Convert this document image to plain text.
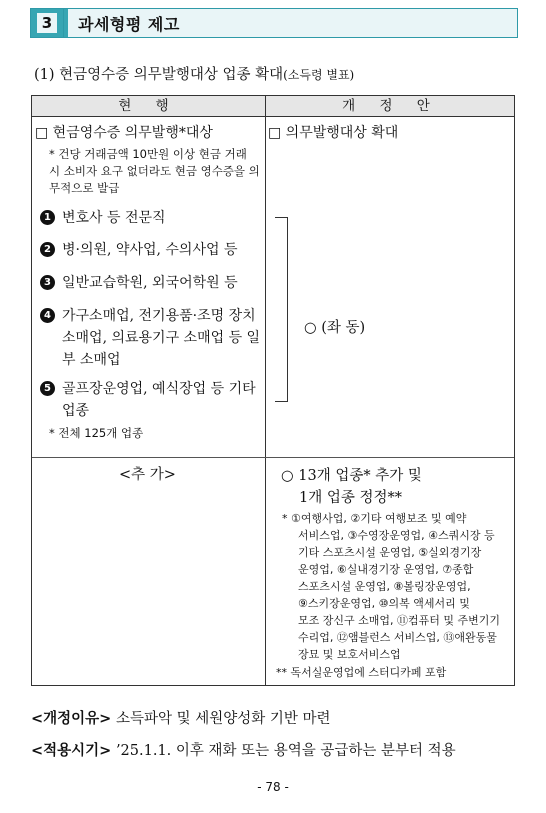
3	과세형평 제고
(1) 현금영수증 의무발행대상 업종 확대(소득령 별표)
현 행	개 정 안
□ 현금영수증 의무발행*대상
* 건당 거래금액 10만원 이상 현금 거래 시 소비자 요구 없더라도 현금 영수증을 의무적으로 발급
1 변호사 등 전문직
2 병·의원, 약사업, 수의사업 등
3 일반교습학원, 외국어학원 등
4 가구소매업, 전기용품·조명 장치 소매업, 의료용기구 소매업 등 일부 소매업
5 골프장운영업, 예식장업 등 기타 업종
* 전체 125개 업종
<추 가>
□ 의무발행대상 확대
○ (좌 동)
○ 13개 업종* 추가 및
1개 업종 정정**
* ①여행사업, ②기타 여행보조 및 예약
서비스업, ③수영장운영업, ④스쿼시장 등
기타 스포츠시설 운영업, ⑤실외경기장
운영업, ⑥실내경기장 운영업, ⑦종합
스포츠시설 운영업, ⑧볼링장운영업,
⑨스키장운영업, ⑩의복 액세서리 및
모조 장신구 소매업, ⑪컴퓨터 및 주변기기
수리업, ⑫앰블런스 서비스업, ⑬애완동물
장묘 및 보호서비스업
** 독서실운영업에 스터디카페 포함
<개정이유> 소득파악 및 세원양성화 기반 마련
<적용시기> ’25.1.1. 이후 재화 또는 용역을 공급하는 분부터 적용
- 78 -
